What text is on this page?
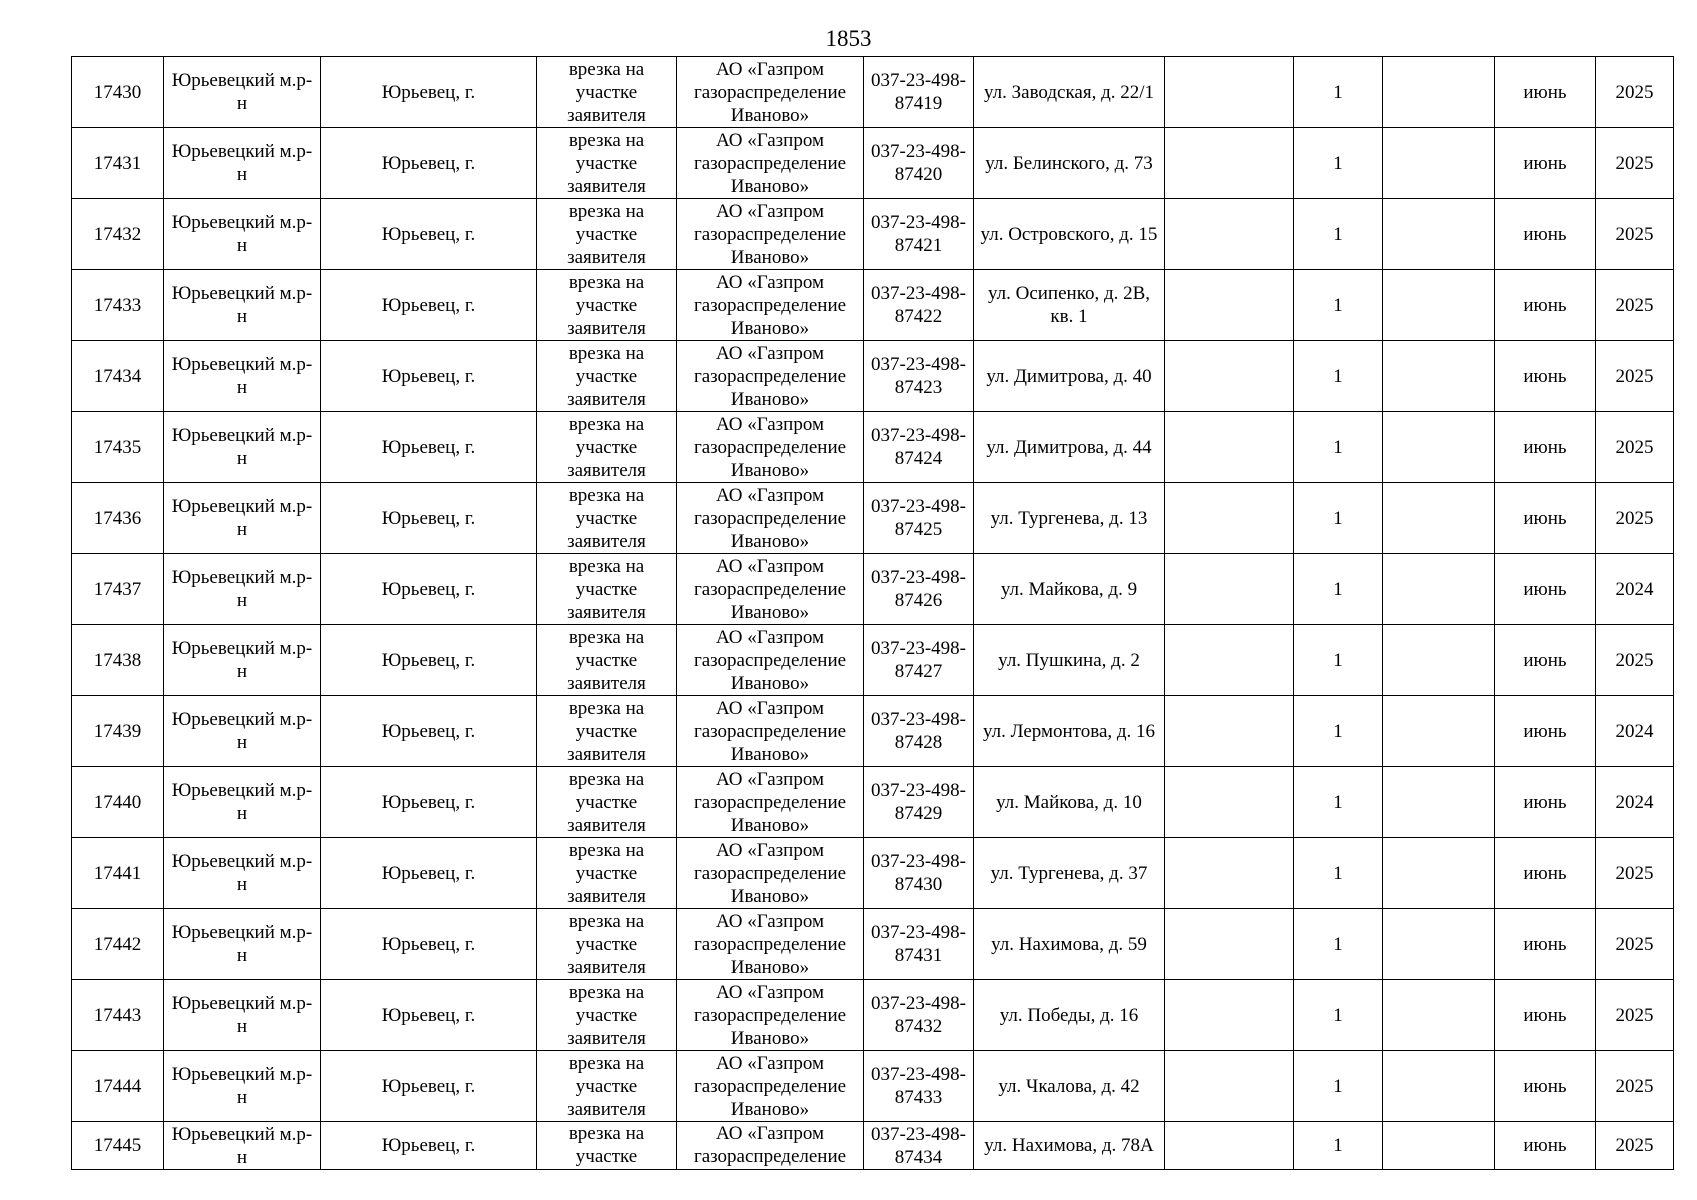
1853
17430	Юрьевецкий м.р-н	Юрьевец, г.	врезка на участке заявителя	АО «Газпром газораспределение Иваново»	037-23-498-87419	ул. Заводская, д. 22/1		1		июнь	2025

17431	Юрьевецкий м.р-н	Юрьевец, г.	врезка на участке заявителя	АО «Газпром газораспределение Иваново»	037-23-498-87420	ул. Белинского, д. 73		1		июнь	2025

17432	Юрьевецкий м.р-н	Юрьевец, г.	врезка на участке заявителя	АО «Газпром газораспределение Иваново»	037-23-498-87421	ул. Островского, д. 15		1		июнь	2025

17433	Юрьевецкий м.р-н	Юрьевец, г.	врезка на участке заявителя	АО «Газпром газораспределение Иваново»	037-23-498-87422	ул. Осипенко, д. 2В, кв. 1		1		июнь	2025

17434	Юрьевецкий м.р-н	Юрьевец, г.	врезка на участке заявителя	АО «Газпром газораспределение Иваново»	037-23-498-87423	ул. Димитрова, д. 40		1		июнь	2025

17435	Юрьевецкий м.р-н	Юрьевец, г.	врезка на участке заявителя	АО «Газпром газораспределение Иваново»	037-23-498-87424	ул. Димитрова, д. 44		1		июнь	2025

17436	Юрьевецкий м.р-н	Юрьевец, г.	врезка на участке заявителя	АО «Газпром газораспределение Иваново»	037-23-498-87425	ул. Тургенева, д. 13		1		июнь	2025

17437	Юрьевецкий м.р-н	Юрьевец, г.	врезка на участке заявителя	АО «Газпром газораспределение Иваново»	037-23-498-87426	ул. Майкова, д. 9		1		июнь	2024

17438	Юрьевецкий м.р-н	Юрьевец, г.	врезка на участке заявителя	АО «Газпром газораспределение Иваново»	037-23-498-87427	ул. Пушкина, д. 2		1		июнь	2025

17439	Юрьевецкий м.р-н	Юрьевец, г.	врезка на участке заявителя	АО «Газпром газораспределение Иваново»	037-23-498-87428	ул. Лермонтова, д. 16		1		июнь	2024

17440	Юрьевецкий м.р-н	Юрьевец, г.	врезка на участке заявителя	АО «Газпром газораспределение Иваново»	037-23-498-87429	ул. Майкова, д. 10		1		июнь	2024

17441	Юрьевецкий м.р-н	Юрьевец, г.	врезка на участке заявителя	АО «Газпром газораспределение Иваново»	037-23-498-87430	ул. Тургенева, д. 37		1		июнь	2025

17442	Юрьевецкий м.р-н	Юрьевец, г.	врезка на участке заявителя	АО «Газпром газораспределение Иваново»	037-23-498-87431	ул. Нахимова, д. 59		1		июнь	2025

17443	Юрьевецкий м.р-н	Юрьевец, г.	врезка на участке заявителя	АО «Газпром газораспределение Иваново»	037-23-498-87432	ул. Победы, д. 16		1		июнь	2025

17444	Юрьевецкий м.р-н	Юрьевец, г.	врезка на участке заявителя	АО «Газпром газораспределение Иваново»	037-23-498-87433	ул. Чкалова, д. 42		1		июнь	2025

17445	Юрьевецкий м.р-н	Юрьевец, г.	врезка на участке	АО «Газпром газораспределение	037-23-498-87434	ул. Нахимова, д. 78А		1		июнь	2025
